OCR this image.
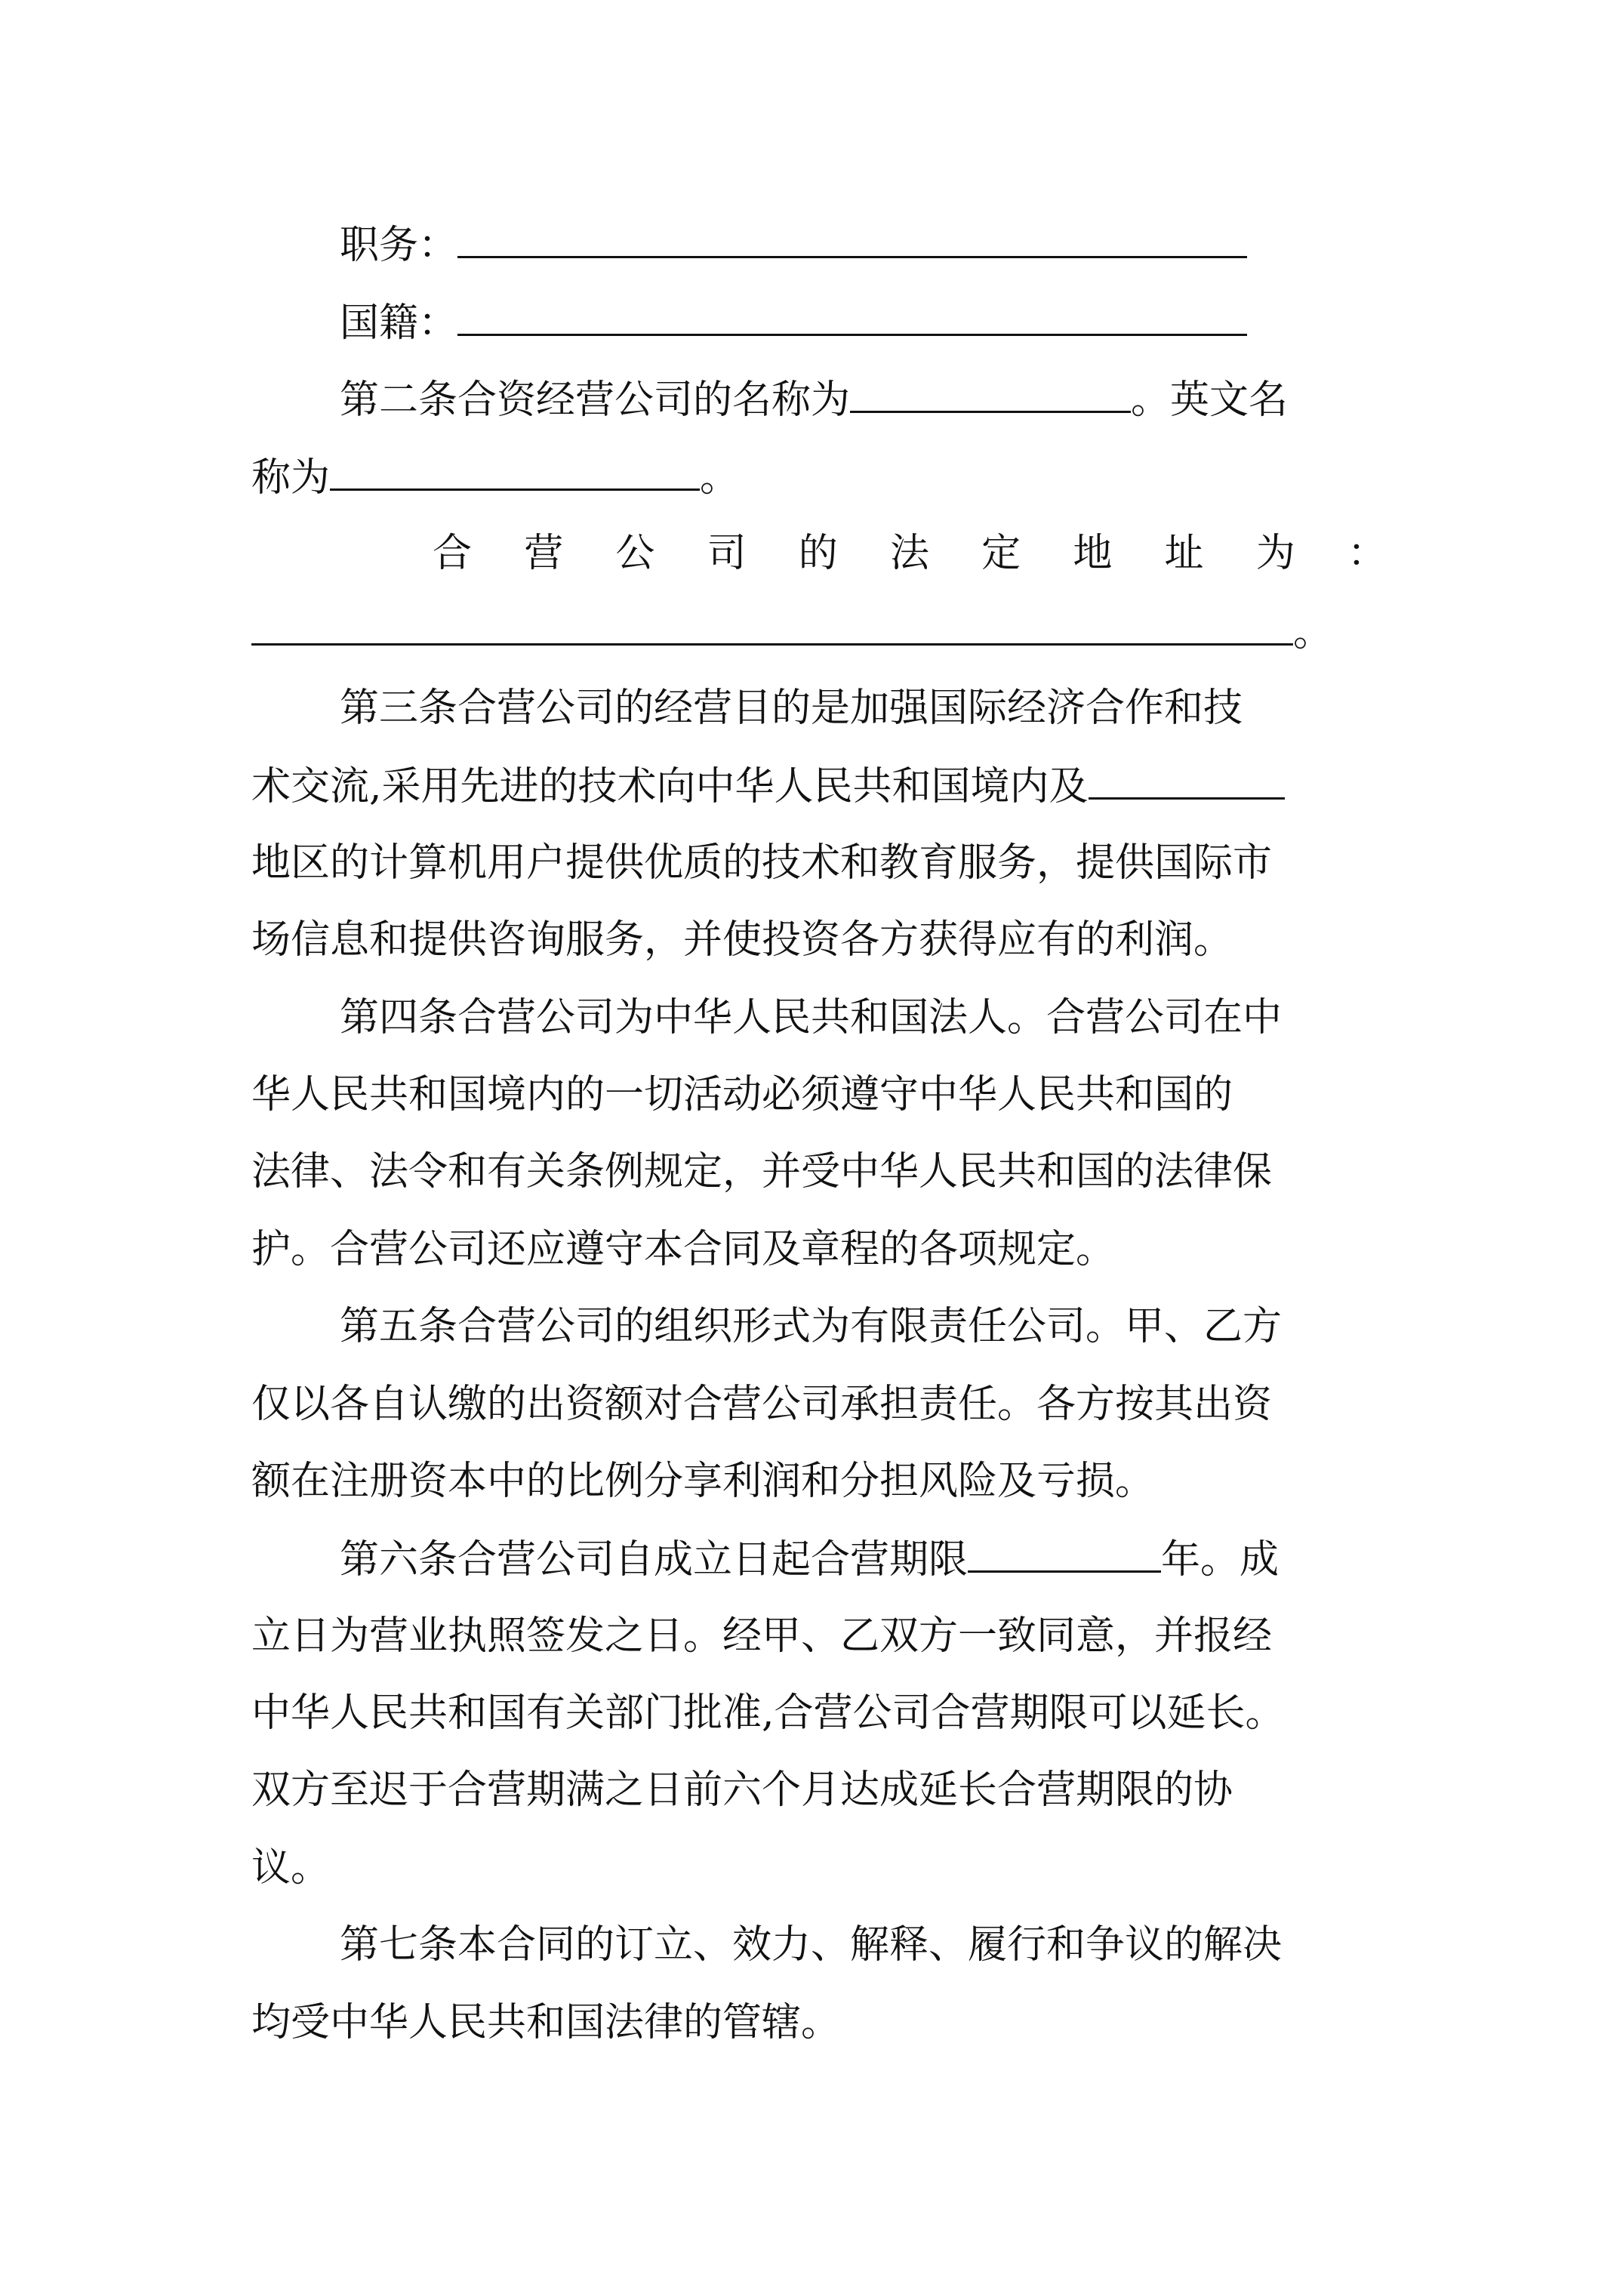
职务：
国籍：
第二条合资经营公司的名称为	。英文名
称为	。
合 营 公 司 的 法 定 地 址 为 ：
。
第三条合营公司的经营目的是加强国际经济合作和技
术交流,采用先进的技术向中华人民共和国境内及
地区的计算机用户提供优质的技术和教育服务，提供国际市
场信息和提供咨询服务，并使投资各方获得应有的利润。
第四条合营公司为中华人民共和国法人。合营公司在中
华人民共和国境内的一切活动必须遵守中华人民共和国的
法律、法令和有关条例规定，并受中华人民共和国的法律保
护。合营公司还应遵守本合同及章程的各项规定。
第五条合营公司的组织形式为有限责任公司。甲、乙方
仅以各自认缴的出资额对合营公司承担责任。各方按其出资
额在注册资本中的比例分享利润和分担风险及亏损。
第六条合营公司自成立日起合营期限	年。成
立日为营业执照签发之日。经甲、乙双方一致同意，并报经
中华人民共和国有关部门批准,合营公司合营期限可以延长。
双方至迟于合营期满之日前六个月达成延长合营期限的协
议。
第七条本合同的订立、效力、解释、履行和争议的解决
均受中华人民共和国法律的管辖。
